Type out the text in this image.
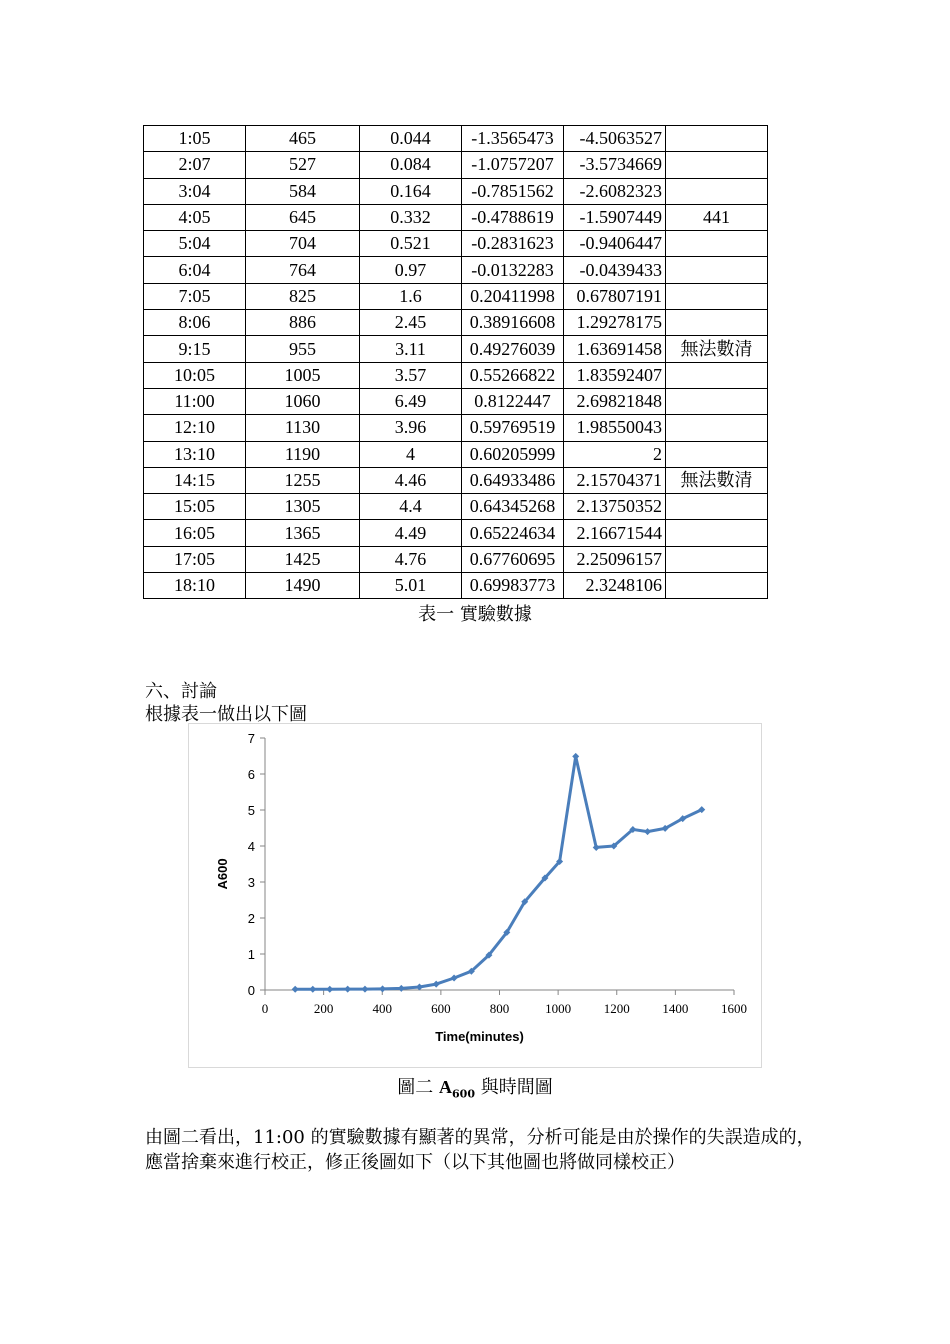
1:05	465	0.044	-1.3565473	-4.5063527	
2:07	527	0.084	-1.0757207	-3.5734669	
3:04	584	0.164	-0.7851562	-2.6082323	
4:05	645	0.332	-0.4788619	-1.5907449	441
5:04	704	0.521	-0.2831623	-0.9406447	
6:04	764	0.97	-0.0132283	-0.0439433	
7:05	825	1.6	0.20411998	0.67807191	
8:06	886	2.45	0.38916608	1.29278175	
9:15	955	3.11	0.49276039	1.63691458	無法數清
10:05	1005	3.57	0.55266822	1.83592407	
11:00	1060	6.49	0.8122447	2.69821848	
12:10	1130	3.96	0.59769519	1.98550043	
13:10	1190	4	0.60205999	2	
14:15	1255	4.46	0.64933486	2.15704371	無法數清
15:05	1305	4.4	0.64345268	2.13750352	
16:05	1365	4.49	0.65224634	2.16671544	
17:05	1425	4.76	0.67760695	2.25096157	
18:10	1490	5.01	0.69983773	2.3248106	
表一 實驗數據
六、討論
根據表一做出以下圖
0
1
2
3
4
5
6
7
0	200	400	600	800	1000	1200	1400	1600
Time(minutes)
A600
圖二 $A_{600}$ 與時間圖
由圖二看出，11:00 的實驗數據有顯著的異常，分析可能是由於操作的失誤造成的，應當捨棄來進行校正，修正後圖如下（以下其他圖也將做同樣校正）
